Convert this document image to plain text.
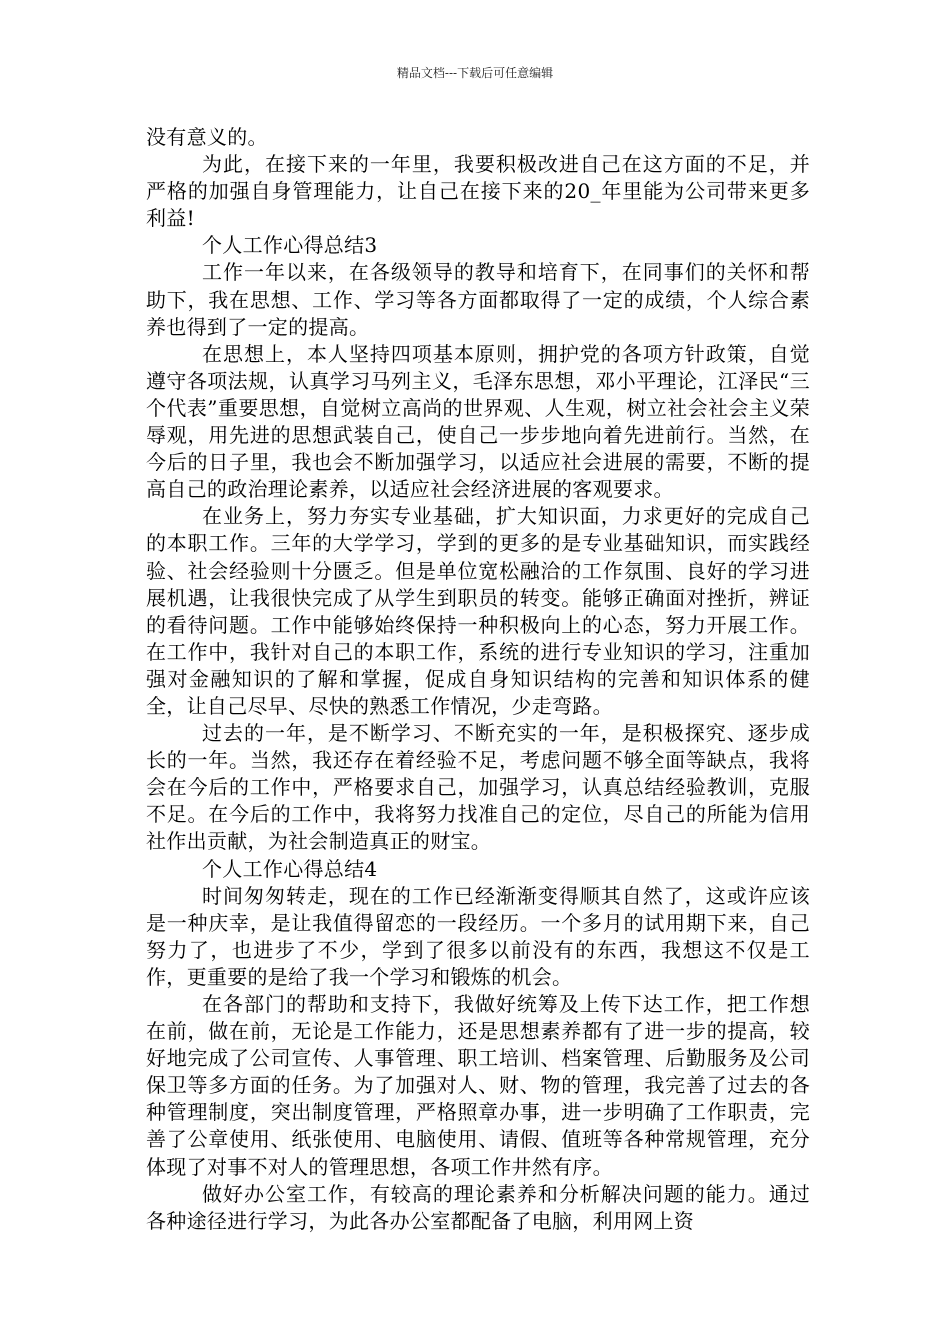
精品文档---下载后可任意编辑

没有意义的。

为此，在接下来的一年里，我要积极改进自己在这方面的不足，并严格的加强自身管理能力，让自己在接下来的20_年里能为公司带来更多利益!

个人工作心得总结3

工作一年以来，在各级领导的教导和培育下，在同事们的关怀和帮助下，我在思想、工作、学习等各方面都取得了一定的成绩，个人综合素养也得到了一定的提高。

在思想上，本人坚持四项基本原则，拥护党的各项方针政策，自觉遵守各项法规，认真学习马列主义，毛泽东思想，邓小平理论，江泽民“三个代表”重要思想，自觉树立高尚的世界观、人生观，树立社会社会主义荣辱观，用先进的思想武装自己，使自己一步步地向着先进前行。当然，在今后的日子里，我也会不断加强学习，以适应社会进展的需要，不断的提高自己的政治理论素养，以适应社会经济进展的客观要求。

在业务上，努力夯实专业基础，扩大知识面，力求更好的完成自己的本职工作。三年的大学学习，学到的更多的是专业基础知识，而实践经验、社会经验则十分匮乏。但是单位宽松融洽的工作氛围、良好的学习进展机遇，让我很快完成了从学生到职员的转变。能够正确面对挫折，辨证的看待问题。工作中能够始终保持一种积极向上的心态，努力开展工作。在工作中，我针对自己的本职工作，系统的进行专业知识的学习，注重加强对金融知识的了解和掌握，促成自身知识结构的完善和知识体系的健全，让自己尽早、尽快的熟悉工作情况，少走弯路。

过去的一年，是不断学习、不断充实的一年，是积极探究、逐步成长的一年。当然，我还存在着经验不足，考虑问题不够全面等缺点，我将会在今后的工作中，严格要求自己，加强学习，认真总结经验教训，克服不足。在今后的工作中，我将努力找准自己的定位，尽自己的所能为信用社作出贡献，为社会制造真正的财宝。

个人工作心得总结4

时间匆匆转走，现在的工作已经渐渐变得顺其自然了，这或许应该是一种庆幸，是让我值得留恋的一段经历。一个多月的试用期下来，自己努力了，也进步了不少，学到了很多以前没有的东西，我想这不仅是工作，更重要的是给了我一个学习和锻炼的机会。

在各部门的帮助和支持下，我做好统筹及上传下达工作，把工作想在前，做在前，无论是工作能力，还是思想素养都有了进一步的提高，较好地完成了公司宣传、人事管理、职工培训、档案管理、后勤服务及公司保卫等多方面的任务。为了加强对人、财、物的管理，我完善了过去的各种管理制度，突出制度管理，严格照章办事，进一步明确了工作职责，完善了公章使用、纸张使用、电脑使用、请假、值班等各种常规管理，充分体现了对事不对人的管理思想，各项工作井然有序。

做好办公室工作，有较高的理论素养和分析解决问题的能力。通过各种途径进行学习，为此各办公室都配备了电脑，利用网上资
